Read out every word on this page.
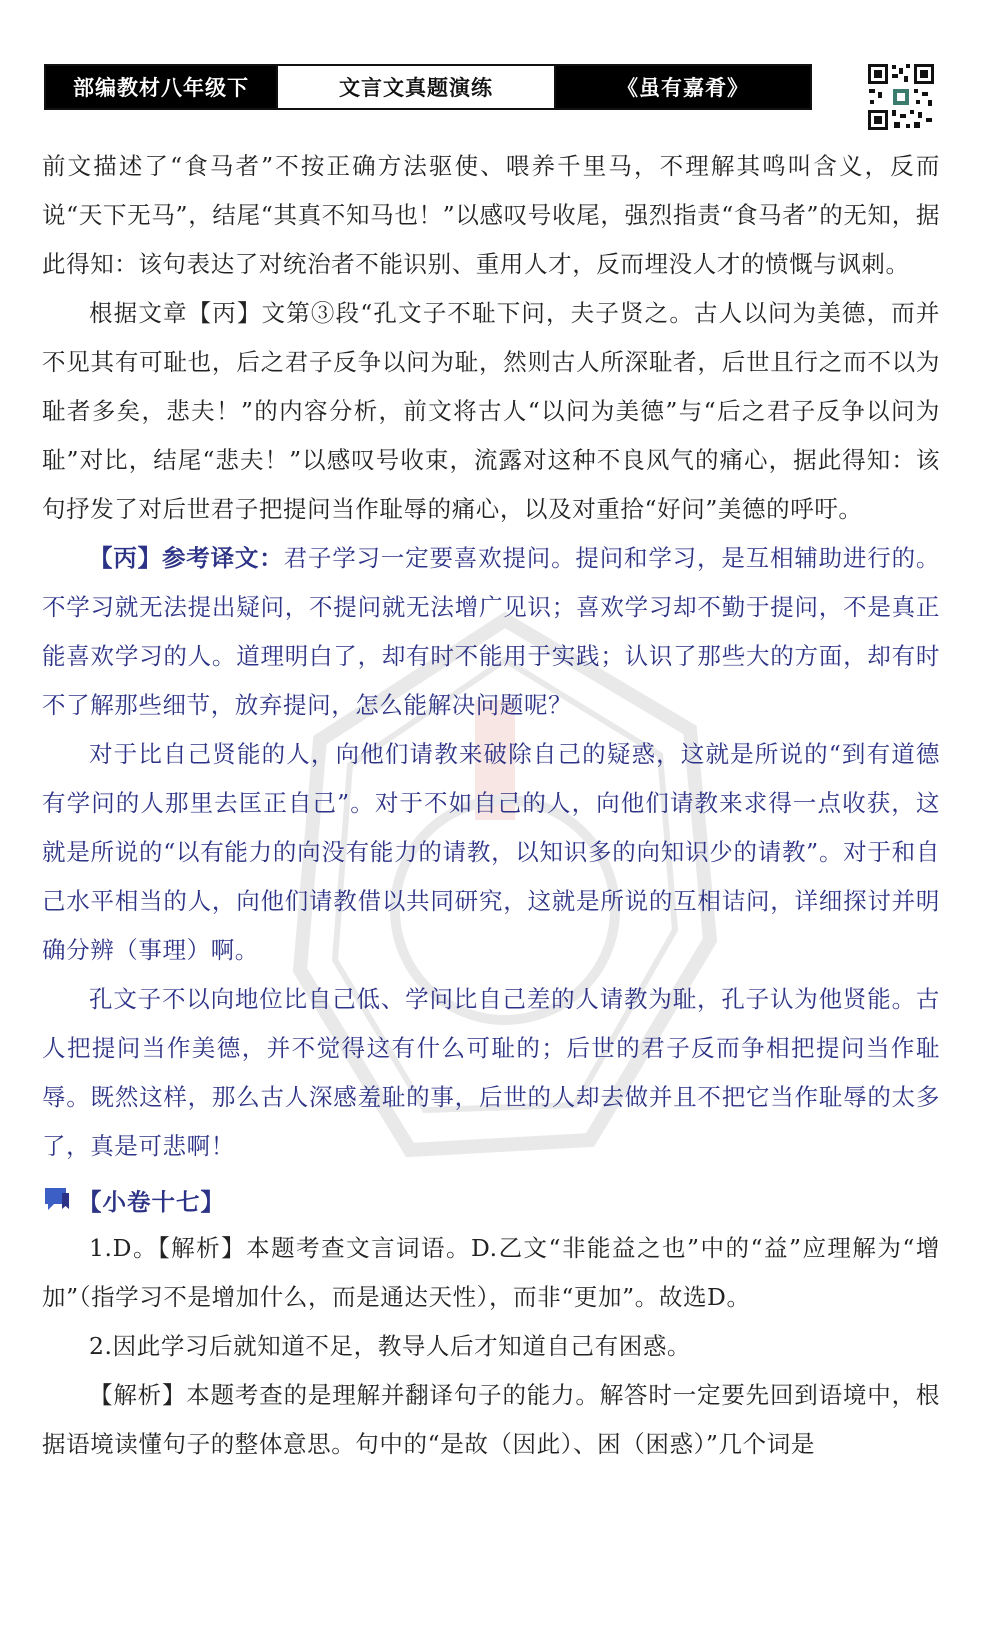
部编教材八年级下	文言文真题演练	《虽有嘉肴》

前文描述了“食马者”不按正确方法驱使、喂养千里马，不理解其鸣叫含义，反而说“天下无马”，结尾“其真不知马也！”以感叹号收尾，强烈指责“食马者”的无知，据此得知：该句表达了对统治者不能识别、重用人才，反而埋没人才的愤慨与讽刺。

根据文章【丙】文第③段“孔文子不耻下问，夫子贤之。古人以问为美德，而并不见其有可耻也，后之君子反争以问为耻，然则古人所深耻者，后世且行之而不以为耻者多矣，悲夫！”的内容分析，前文将古人“以问为美德”与“后之君子反争以问为耻”对比，结尾“悲夫！”以感叹号收束，流露对这种不良风气的痛心，据此得知：该句抒发了对后世君子把提问当作耻辱的痛心，以及对重拾“好问”美德的呼吁。

【丙】参考译文：君子学习一定要喜欢提问。提问和学习，是互相辅助进行的。不学习就无法提出疑问，不提问就无法增广见识；喜欢学习却不勤于提问，不是真正能喜欢学习的人。道理明白了，却有时不能用于实践；认识了那些大的方面，却有时不了解那些细节，放弃提问，怎么能解决问题呢？

对于比自己贤能的人，向他们请教来破除自己的疑惑，这就是所说的“到有道德有学问的人那里去匡正自己”。对于不如自己的人，向他们请教来求得一点收获，这就是所说的“以有能力的向没有能力的请教，以知识多的向知识少的请教”。对于和自己水平相当的人，向他们请教借以共同研究，这就是所说的互相诘问，详细探讨并明确分辨（事理）啊。

孔文子不以向地位比自己低、学问比自己差的人请教为耻，孔子认为他贤能。古人把提问当作美德，并不觉得这有什么可耻的；后世的君子反而争相把提问当作耻辱。既然这样，那么古人深感羞耻的事，后世的人却去做并且不把它当作耻辱的太多了，真是可悲啊！

【小卷十七】

1.D。【解析】本题考查文言词语。D.乙文“非能益之也”中的“益”应理解为“增加”（指学习不是增加什么，而是通达天性），而非“更加”。故选D。

2.因此学习后就知道不足，教导人后才知道自己有困惑。

【解析】本题考查的是理解并翻译句子的能力。解答时一定要先回到语境中，根据语境读懂句子的整体意思。句中的“是故（因此）、困（困惑）”几个词是
